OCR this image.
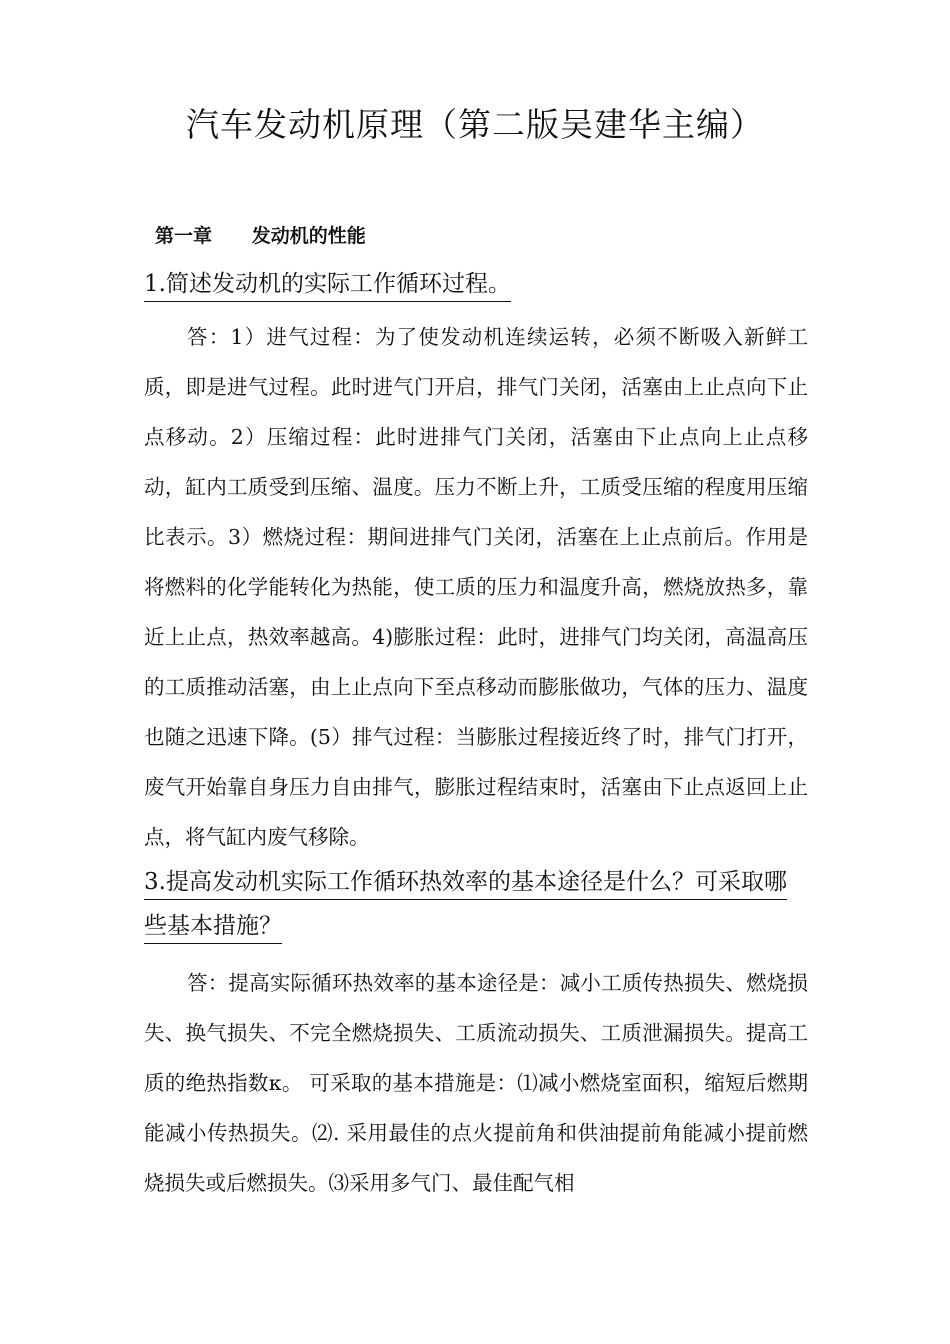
汽车发动机原理（第二版吴建华主编）
第一章      发动机的性能
1.简述发动机的实际工作循环过程。

答：1）进气过程：为了使发动机连续运转，必须不断吸入新鲜工质，即是进气过程。此时进气门开启，排气门关闭，活塞由上止点向下止点移动。2）压缩过程：此时进排气门关闭，活塞由下止点向上止点移动，缸内工质受到压缩、温度。压力不断上升，工质受压缩的程度用压缩比表示。3）燃烧过程：期间进排气门关闭，活塞在上止点前后。作用是将燃料的化学能转化为热能，使工质的压力和温度升高，燃烧放热多，靠近上止点，热效率越高。4)膨胀过程：此时，进排气门均关闭，高温高压的工质推动活塞，由上止点向下至点移动而膨胀做功，气体的压力、温度也随之迅速下降。(5）排气过程：当膨胀过程接近终了时，排气门打开，废气开始靠自身压力自由排气，膨胀过程结束时，活塞由下止点返回上止点，将气缸内废气移除。

3.提高发动机实际工作循环热效率的基本途径是什么？可采取哪些基本措施？

答：提高实际循环热效率的基本途径是：减小工质传热损失、燃烧损失、换气损失、不完全燃烧损失、工质流动损失、工质泄漏损失。提高工质的绝热指数κ。 可采取的基本措施是：⑴减小燃烧室面积，缩短后燃期能减小传热损失。⑵. 采用最佳的点火提前角和供油提前角能减小提前燃烧损失或后燃损失。⑶采用多气门、最佳配气相
